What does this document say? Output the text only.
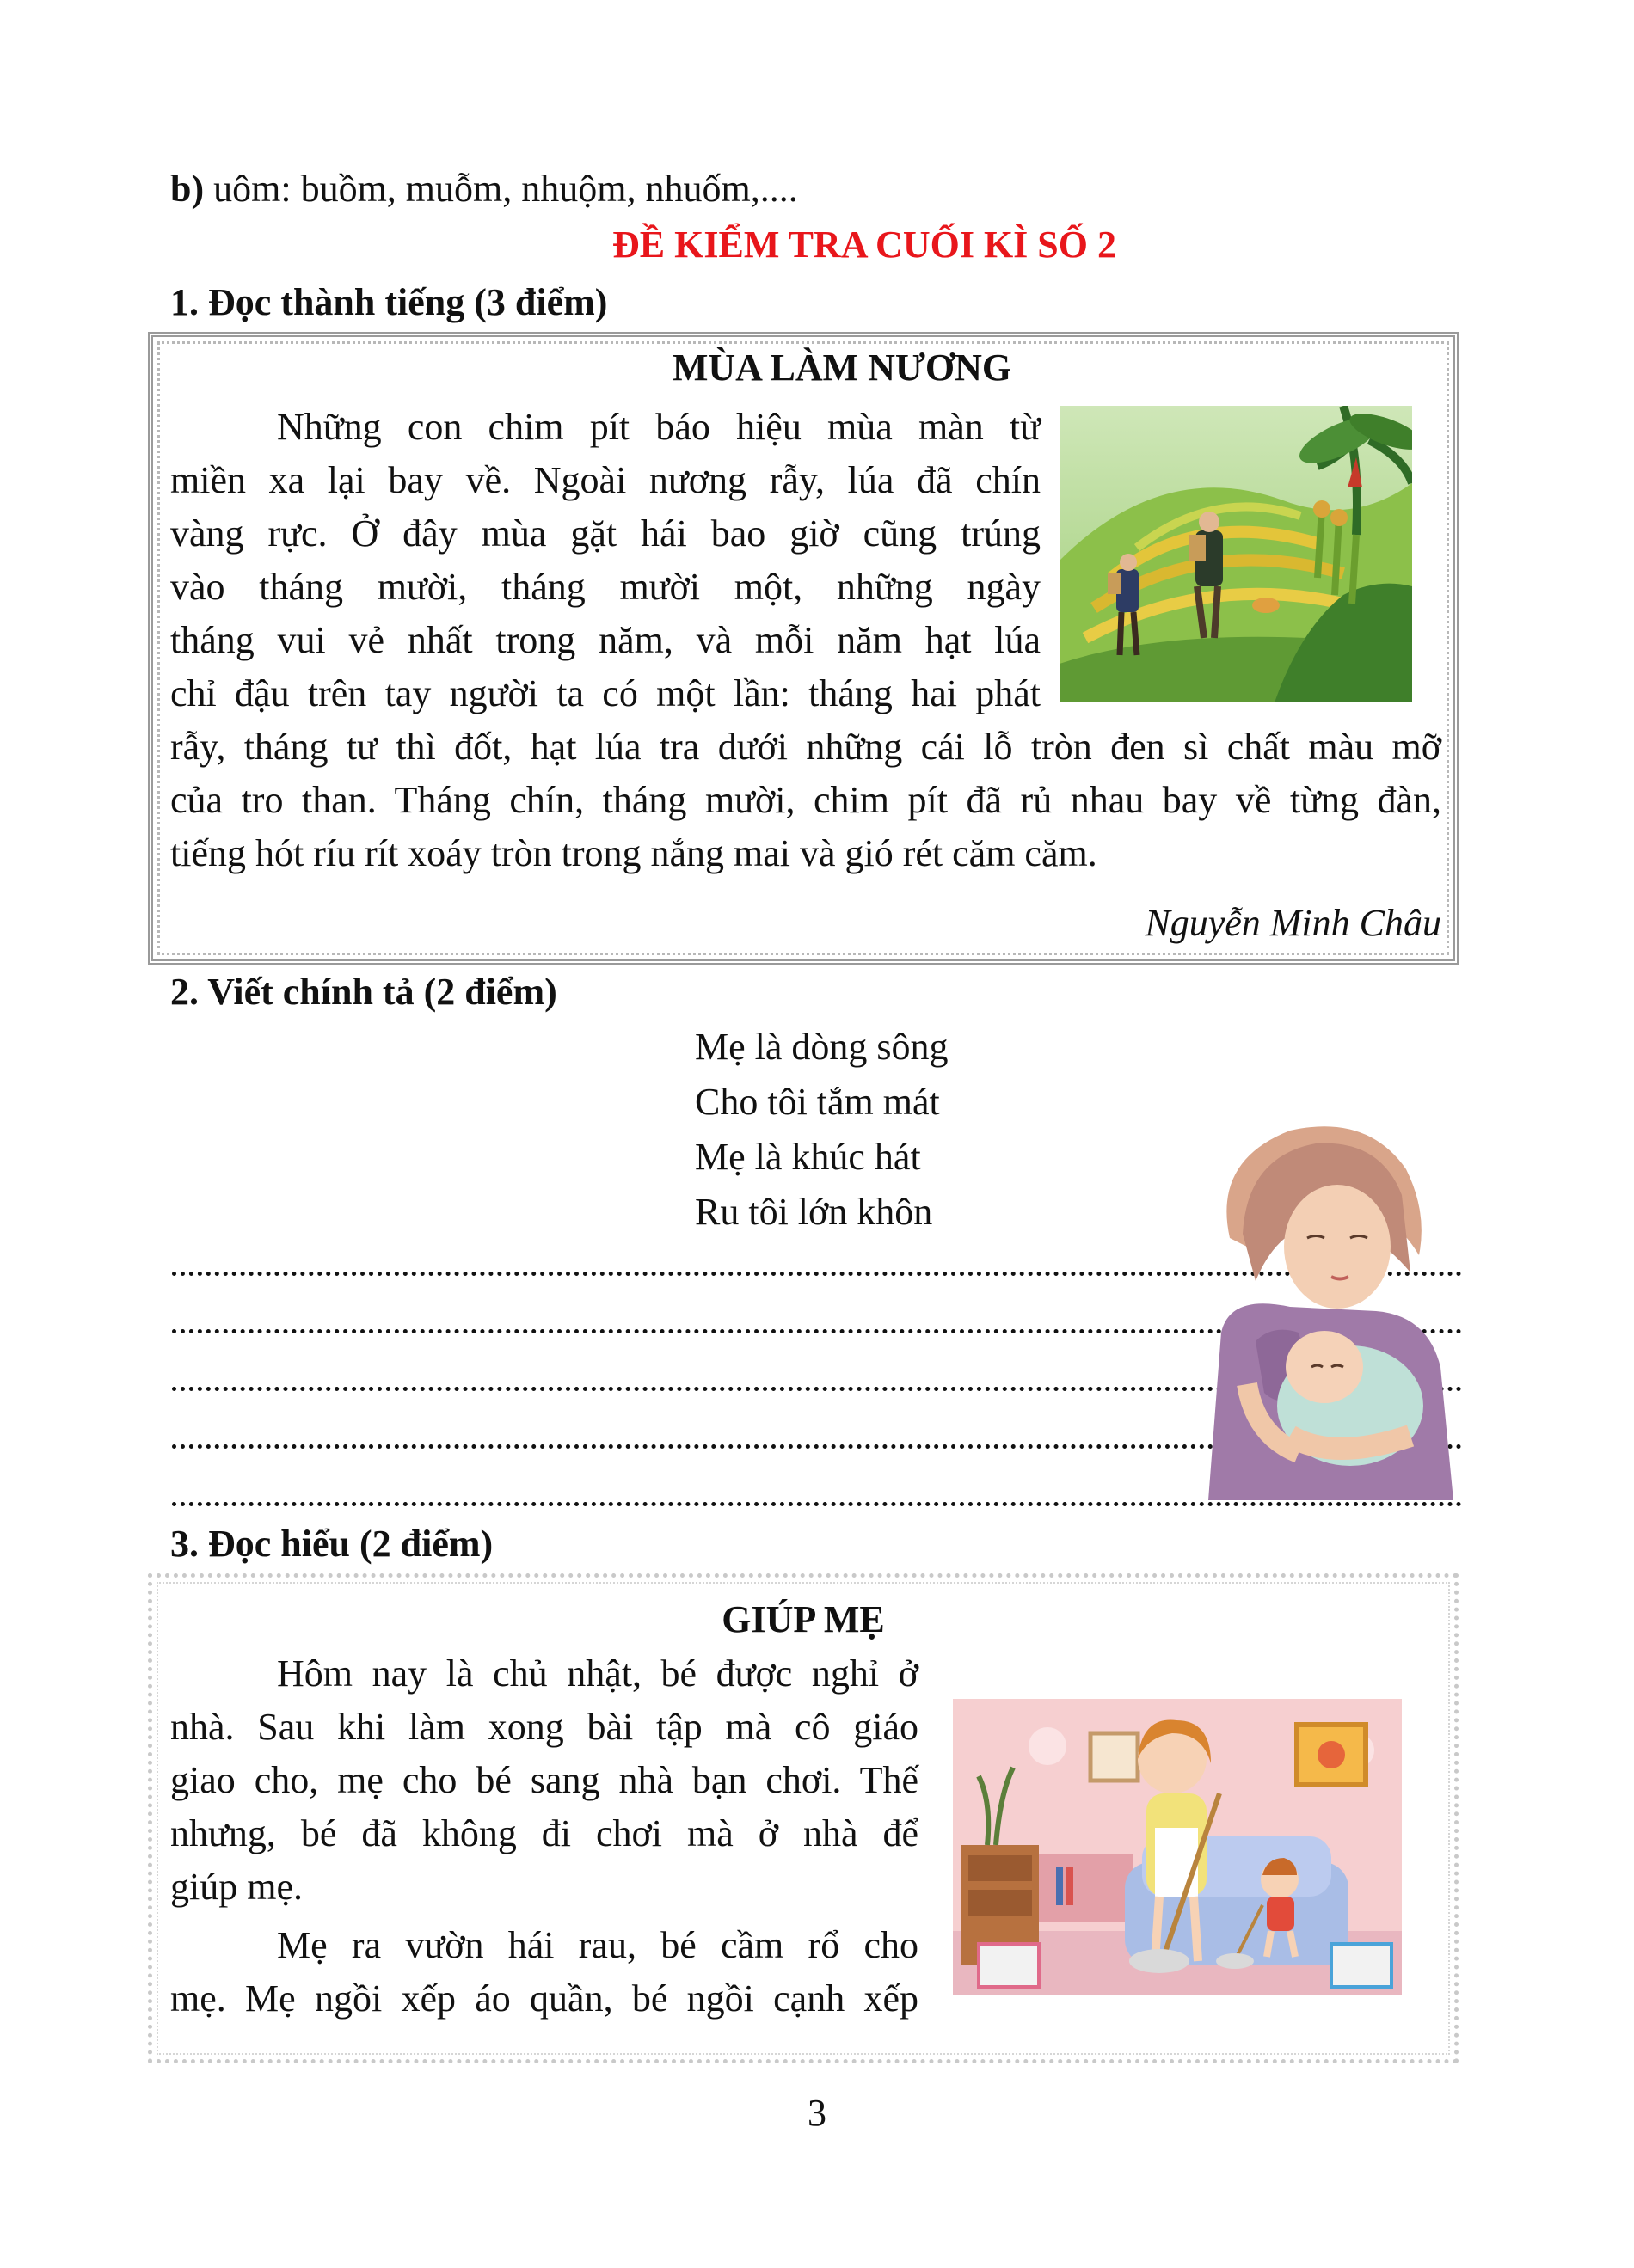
b) uôm: buồm, muỗm, nhuộm, nhuốm,....
ĐỀ KIỂM TRA CUỐI KÌ SỐ 2
1. Đọc thành tiếng (3 điểm)
MÙA LÀM NƯƠNG
Những con chim pít báo hiệu mùa màn từ
miền xa lại bay về. Ngoài nương rẫy, lúa đã chín
vàng rực. Ở đây mùa gặt hái bao giờ cũng trúng
vào tháng mười, tháng mười một, những ngày
tháng vui vẻ nhất trong năm, và mỗi năm hạt lúa
chỉ đậu trên tay người ta có một lần: tháng hai phát
rẫy, tháng tư thì đốt, hạt lúa tra dưới những cái lỗ tròn đen sì chất màu mỡ
của tro than. Tháng chín, tháng mười, chim pít đã rủ nhau bay về từng đàn,
tiếng hót ríu rít xoáy tròn trong nắng mai và gió rét căm căm.
Nguyễn Minh Châu
2. Viết chính tả (2 điểm)
Mẹ là dòng sông
Cho tôi tắm mát
Mẹ là khúc hát
Ru tôi lớn khôn
3. Đọc hiểu (2 điểm)
GIÚP MẸ
Hôm nay là chủ nhật, bé được nghỉ ở
nhà. Sau khi làm xong bài tập mà cô giáo
giao cho, mẹ cho bé sang nhà bạn chơi. Thế
nhưng, bé đã không đi chơi mà ở nhà để
giúp mẹ.
Mẹ ra vườn hái rau, bé cầm rổ cho
mẹ. Mẹ ngồi xếp áo quần, bé ngồi cạnh xếp
3
